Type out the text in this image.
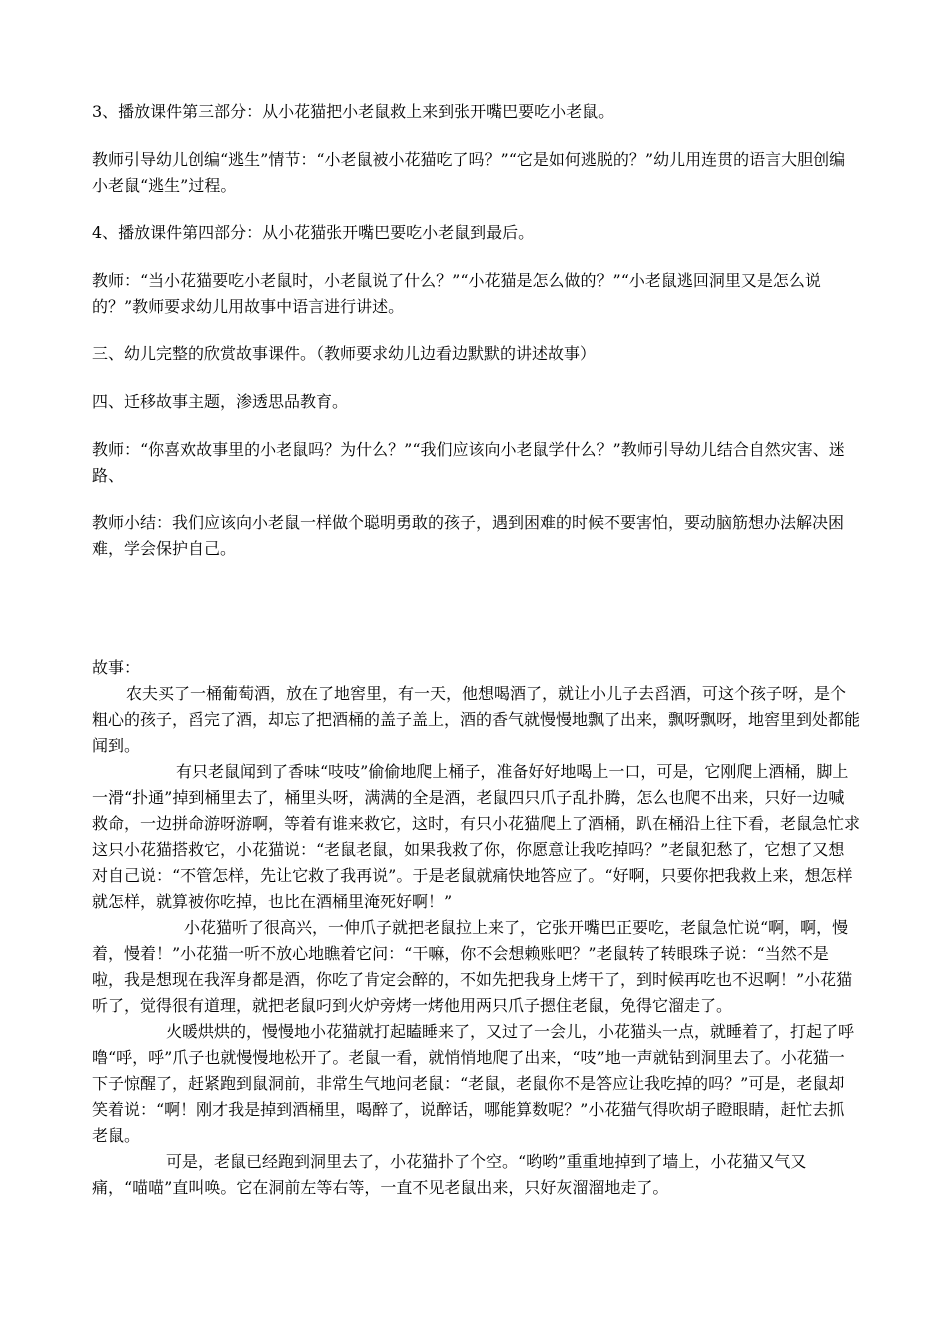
3、播放课件第三部分：从小花猫把小老鼠救上来到张开嘴巴要吃小老鼠。

教师引导幼儿创编“逃生”情节：“小老鼠被小花猫吃了吗？”“它是如何逃脱的？”幼儿用连贯的语言大胆创编小老鼠“逃生”过程。

4、播放课件第四部分：从小花猫张开嘴巴要吃小老鼠到最后。

教师：“当小花猫要吃小老鼠时，小老鼠说了什么？”“小花猫是怎么做的？”“小老鼠逃回洞里又是怎么说的？”教师要求幼儿用故事中语言进行讲述。

三、幼儿完整的欣赏故事课件。（教师要求幼儿边看边默默的讲述故事）

四、迁移故事主题，渗透思品教育。

教师：“你喜欢故事里的小老鼠吗？为什么？”“我们应该向小老鼠学什么？”教师引导幼儿结合自然灾害、迷路、

教师小结：我们应该向小老鼠一样做个聪明勇敢的孩子，遇到困难的时候不要害怕，要动脑筋想办法解决困难，学会保护自己。

故事：

农夫买了一桶葡萄酒，放在了地窖里，有一天，他想喝酒了，就让小儿子去舀酒，可这个孩子呀，是个粗心的孩子，舀完了酒，却忘了把酒桶的盖子盖上，酒的香气就慢慢地飘了出来，飘呀飘呀，地窖里到处都能闻到。

有只老鼠闻到了香味“吱吱”偷偷地爬上桶子，准备好好地喝上一口，可是，它刚爬上酒桶，脚上一滑“扑通”掉到桶里去了，桶里头呀，满满的全是酒，老鼠四只爪子乱扑腾，怎么也爬不出来，只好一边喊救命，一边拼命游呀游啊，等着有谁来救它，这时，有只小花猫爬上了酒桶，趴在桶沿上往下看，老鼠急忙求这只小花猫搭救它，小花猫说：“老鼠老鼠，如果我救了你，你愿意让我吃掉吗？”老鼠犯愁了，它想了又想对自己说：“不管怎样，先让它救了我再说”。于是老鼠就痛快地答应了。“好啊，只要你把我救上来，想怎样就怎样，就算被你吃掉，也比在酒桶里淹死好啊！”

小花猫听了很高兴，一伸爪子就把老鼠拉上来了，它张开嘴巴正要吃，老鼠急忙说“啊，啊，慢着，慢着！”小花猫一听不放心地瞧着它问：“干嘛，你不会想赖账吧？”老鼠转了转眼珠子说：“当然不是啦，我是想现在我浑身都是酒，你吃了肯定会醉的，不如先把我身上烤干了，到时候再吃也不迟啊！”小花猫听了，觉得很有道理，就把老鼠叼到火炉旁烤一烤他用两只爪子摁住老鼠，免得它溜走了。

火暖烘烘的，慢慢地小花猫就打起瞌睡来了，又过了一会儿，小花猫头一点，就睡着了，打起了呼噜“呼，呼”爪子也就慢慢地松开了。老鼠一看，就悄悄地爬了出来，“吱”地一声就钻到洞里去了。小花猫一下子惊醒了，赶紧跑到鼠洞前，非常生气地问老鼠：“老鼠，老鼠你不是答应让我吃掉的吗？”可是，老鼠却笑着说：“啊！刚才我是掉到酒桶里，喝醉了，说醉话，哪能算数呢？”小花猫气得吹胡子瞪眼睛，赶忙去抓老鼠。

可是，老鼠已经跑到洞里去了，小花猫扑了个空。“哟哟”重重地掉到了墙上，小花猫又气又痛，“喵喵”直叫唤。它在洞前左等右等，一直不见老鼠出来，只好灰溜溜地走了。
